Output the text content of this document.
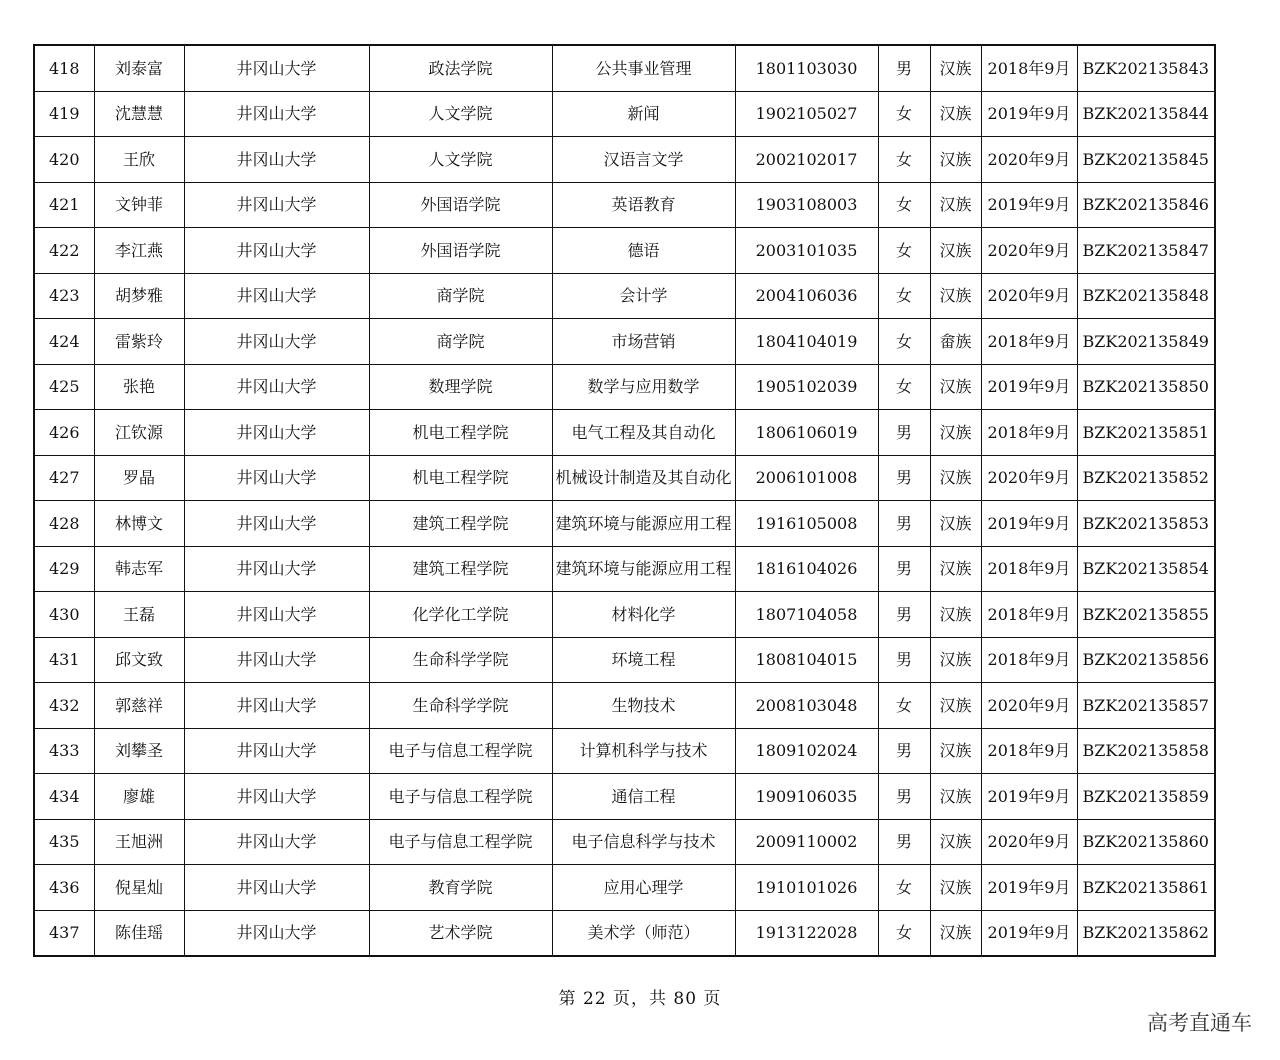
418	刘泰富	井冈山大学	政法学院	公共事业管理	1801103030	男	汉族	2018年9月	BZK202135843
419	沈慧慧	井冈山大学	人文学院	新闻	1902105027	女	汉族	2019年9月	BZK202135844
420	王欣	井冈山大学	人文学院	汉语言文学	2002102017	女	汉族	2020年9月	BZK202135845
421	文钟菲	井冈山大学	外国语学院	英语教育	1903108003	女	汉族	2019年9月	BZK202135846
422	李江燕	井冈山大学	外国语学院	德语	2003101035	女	汉族	2020年9月	BZK202135847
423	胡梦雅	井冈山大学	商学院	会计学	2004106036	女	汉族	2020年9月	BZK202135848
424	雷紫玲	井冈山大学	商学院	市场营销	1804104019	女	畲族	2018年9月	BZK202135849
425	张艳	井冈山大学	数理学院	数学与应用数学	1905102039	女	汉族	2019年9月	BZK202135850
426	江钦源	井冈山大学	机电工程学院	电气工程及其自动化	1806106019	男	汉族	2018年9月	BZK202135851
427	罗晶	井冈山大学	机电工程学院	机械设计制造及其自动化	2006101008	男	汉族	2020年9月	BZK202135852
428	林博文	井冈山大学	建筑工程学院	建筑环境与能源应用工程	1916105008	男	汉族	2019年9月	BZK202135853
429	韩志军	井冈山大学	建筑工程学院	建筑环境与能源应用工程	1816104026	男	汉族	2018年9月	BZK202135854
430	王磊	井冈山大学	化学化工学院	材料化学	1807104058	男	汉族	2018年9月	BZK202135855
431	邱文致	井冈山大学	生命科学学院	环境工程	1808104015	男	汉族	2018年9月	BZK202135856
432	郭慈祥	井冈山大学	生命科学学院	生物技术	2008103048	女	汉族	2020年9月	BZK202135857
433	刘攀圣	井冈山大学	电子与信息工程学院	计算机科学与技术	1809102024	男	汉族	2018年9月	BZK202135858
434	廖雄	井冈山大学	电子与信息工程学院	通信工程	1909106035	男	汉族	2019年9月	BZK202135859
435	王旭洲	井冈山大学	电子与信息工程学院	电子信息科学与技术	2009110002	男	汉族	2020年9月	BZK202135860
436	倪星灿	井冈山大学	教育学院	应用心理学	1910101026	女	汉族	2019年9月	BZK202135861
437	陈佳瑶	井冈山大学	艺术学院	美术学（师范）	1913122028	女	汉族	2019年9月	BZK202135862
第 22 页，共 80 页
高考直通车
